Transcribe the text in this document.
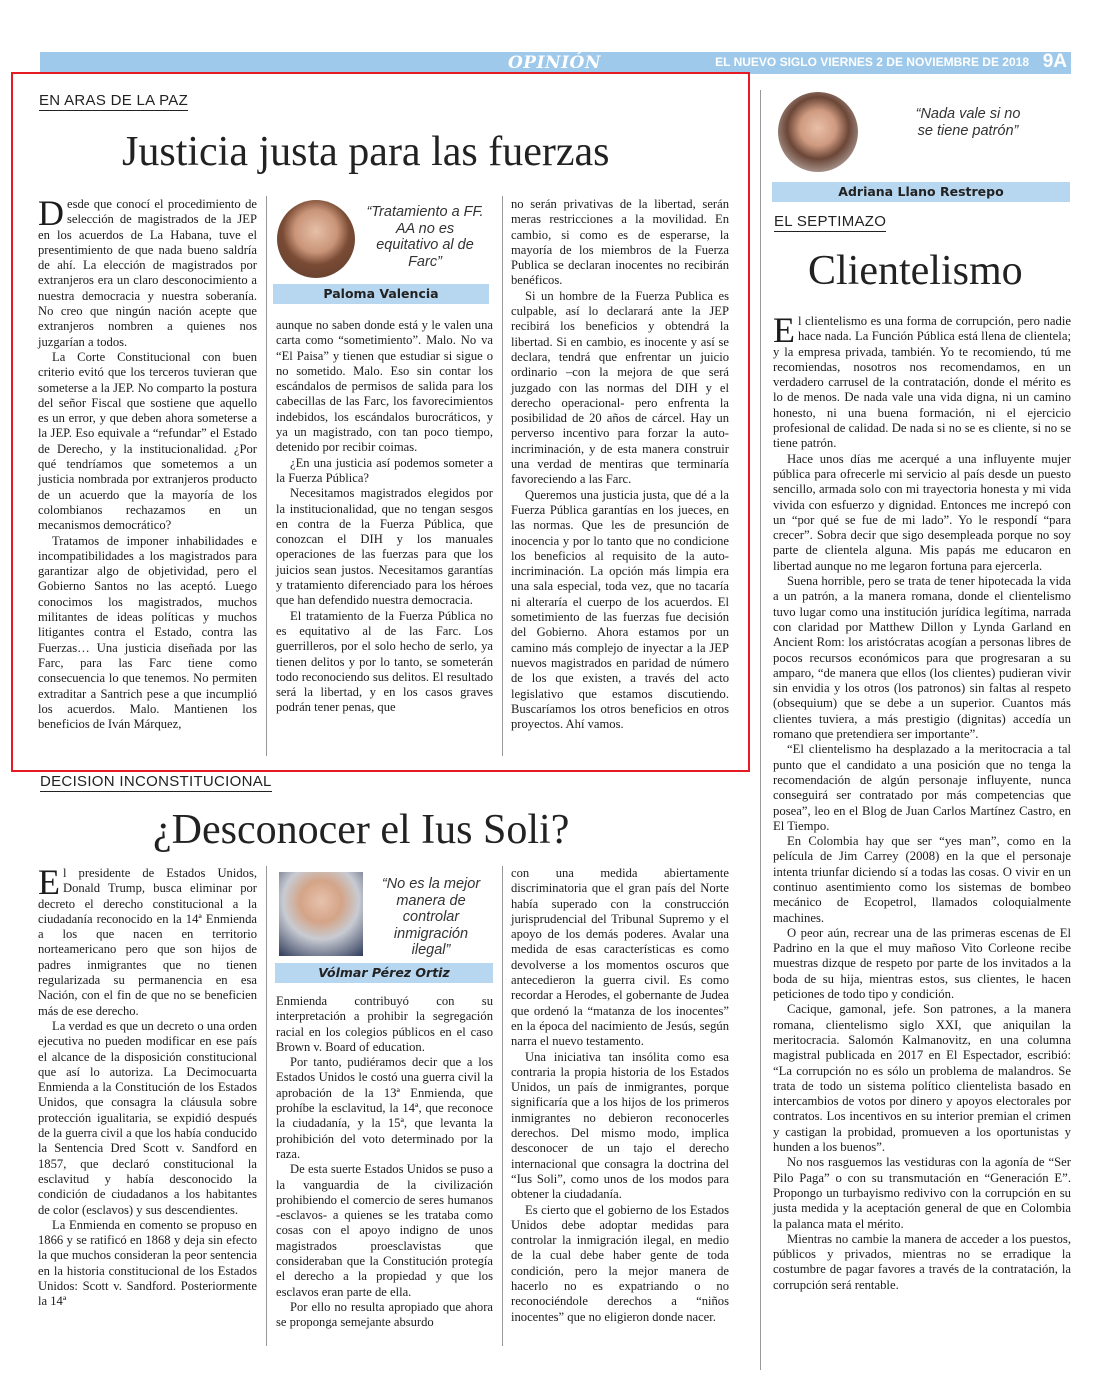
OPINIÓN	EL NUEVO SIGLO VIERNES 2 DE NOVIEMBRE DE 2018 9A
EN ARAS DE LA PAZ
Justicia justa para las fuerzas

Desde que conocí el procedimiento de selección de magistrados de la JEP en los acuerdos de La Habana, tuve el presentimiento de que nada bueno saldría de ahí. La elección de magistrados por extranjeros era un claro desconocimiento a nuestra democracia y nuestra soberanía. No creo que ningún nación acepte que extranjeros nombren a quienes nos juzgarían a todos.

La Corte Constitucional con buen criterio evitó que los terceros tuvieran que someterse a la JEP. No comparto la postura del señor Fiscal que sostiene que aquello es un error, y que deben ahora someterse a la JEP. Eso equivale a “refundar” el Estado de Derecho, y la institucionalidad. ¿Por qué tendríamos que sometemos a un justicia nombrada por extranjeros producto de un acuerdo que la mayoría de los colombianos rechazamos en un mecanismos democrático?

Tratamos de imponer inhabilidades e incompatibilidades a los magistrados para garantizar algo de objetividad, pero el Gobierno Santos no las aceptó. Luego conocimos los magistrados, muchos militantes de ideas políticas y muchos litigantes contra el Estado, contra las Fuerzas… Una justicia diseñada por las Farc, para las Farc tiene como consecuencia lo que tenemos. No permiten extraditar a Santrich pese a que incumplió los acuerdos. Malo. Mantienen los beneficios de Iván Márquez,

“Tratamiento a FF. AA no es equitativo al de Farc”
Paloma Valencia

aunque no saben donde está y le valen una carta como “sometimiento”. Malo. No va “El Paisa” y tienen que estudiar si sigue o no sometido. Malo. Eso sin contar los escándalos de permisos de salida para los cabecillas de las Farc, los favorecimientos indebidos, los escándalos burocráticos, y ya un magistrado, con tan poco tiempo, detenido por recibir coimas.

¿En una justicia así podemos someter a la Fuerza Pública?

Necesitamos magistrados elegidos por la institucionalidad, que no tengan sesgos en contra de la Fuerza Pública, que conozcan el DIH y los manuales operaciones de las fuerzas para que los juicios sean justos. Necesitamos garantías y tratamiento diferenciado para los héroes que han defendido nuestra democracia.

El tratamiento de la Fuerza Pública no es equitativo al de las Farc. Los guerrilleros, por el solo hecho de serlo, ya tienen delitos y por lo tanto, se someterán todo reconociendo sus delitos. El resultado será la libertad, y en los casos graves podrán tener penas, que

no serán privativas de la libertad, serán meras restricciones a la movilidad. En cambio, si como es de esperarse, la mayoría de los miembros de la Fuerza Publica se declaran inocentes no recibirán benéficos.

Si un hombre de la Fuerza Publica es culpable, así lo declarará ante la JEP recibirá los beneficios y obtendrá la libertad. Si en cambio, es inocente y así se declara, tendrá que enfrentar un juicio ordinario –con la mejora de que será juzgado con las normas del DIH y el derecho operacional- pero enfrenta la posibilidad de 20 años de cárcel. Hay un perverso incentivo para forzar la auto-incriminación, y de esta manera construir una verdad de mentiras que terminaría favoreciendo a las Farc.

Queremos una justicia justa, que dé a la Fuerza Pública garantías en los jueces, en las normas. Que les de presunción de inocencia y por lo tanto que no condicione los beneficios al requisito de la auto-incriminación. La opción más limpia era una sala especial, toda vez, que no tacaría ni alteraría el cuerpo de los acuerdos. El sometimiento de las fuerzas fue decisión del Gobierno. Ahora estamos por un camino más complejo de inyectar a la JEP nuevos magistrados en paridad de número de los que existen, a través del acto legislativo que estamos discutiendo. Buscaríamos los otros beneficios en otros proyectos. Ahí vamos.

DECISION INCONSTITUCIONAL
¿Desconocer el Ius Soli?

El presidente de Estados Unidos, Donald Trump, busca eliminar por decreto el derecho constitucional a la ciudadanía reconocido en la 14ª Enmienda a los que nacen en territorio norteamericano pero que son hijos de padres inmigrantes que no tienen regularizada su permanencia en esa Nación, con el fin de que no se beneficien más de ese derecho.

La verdad es que un decreto o una orden ejecutiva no pueden modificar en ese país el alcance de la disposición constitucional que así lo autoriza. La Decimocuarta Enmienda a la Constitución de los Estados Unidos, que consagra la cláusula sobre protección igualitaria, se expidió después de la guerra civil a que los había conducido la Sentencia Dred Scott v. Sandford en 1857, que declaró constitucional la esclavitud y había desconocido la condición de ciudadanos a los habitantes de color (esclavos) y sus descendientes.

La Enmienda en comento se propuso en 1866 y se ratificó en 1868 y deja sin efecto la que muchos consideran la peor sentencia en la historia constitucional de los Estados Unidos: Scott v. Sandford. Posteriormente la 14ª

“No es la mejor manera de controlar inmigración ilegal”
Vólmar Pérez Ortiz

Enmienda contribuyó con su interpretación a prohibir la segregación racial en los colegios públicos en el caso Brown v. Board of education.

Por tanto, pudiéramos decir que a los Estados Unidos le costó una guerra civil la aprobación de la 13ª Enmienda, que prohíbe la esclavitud, la 14ª, que reconoce la ciudadanía, y la 15ª, que levanta la prohibición del voto determinado por la raza.

De esta suerte Estados Unidos se puso a la vanguardia de la civilización prohibiendo el comercio de seres humanos -esclavos- a quienes se les trataba como cosas con el apoyo indigno de unos magistrados proesclavistas que consideraban que la Constitución protegía el derecho a la propiedad y que los esclavos eran parte de ella.

Por ello no resulta apropiado que ahora se proponga semejante absurdo

con una medida abiertamente discriminatoria que el gran país del Norte había superado con la construcción jurisprudencial del Tribunal Supremo y el apoyo de los demás poderes. Avalar una medida de esas características es como devolverse a los momentos oscuros que antecedieron la guerra civil. Es como recordar a Herodes, el gobernante de Judea que ordenó la “matanza de los inocentes” en la época del nacimiento de Jesús, según narra el nuevo testamento.

Una iniciativa tan insólita como esa contraria la propia historia de los Estados Unidos, un país de inmigrantes, porque significaría que a los hijos de los primeros inmigrantes no debieron reconocerles derechos. Del mismo modo, implica desconocer de un tajo el derecho internacional que consagra la doctrina del “Ius Soli”, como unos de los modos para obtener la ciudadanía.

Es cierto que el gobierno de los Estados Unidos debe adoptar medidas para controlar la inmigración ilegal, en medio de la cual debe haber gente de toda condición, pero la mejor manera de hacerlo no es expatriando o no reconociéndole derechos a “niños inocentes” que no eligieron donde nacer.

“Nada vale si no se tiene patrón”
Adriana Llano Restrepo
EL SEPTIMAZO
Clientelismo

El clientelismo es una forma de corrupción, pero nadie hace nada. La Función Pública está llena de clientela; y la empresa privada, también. Yo te recomiendo, tú me recomiendas, nosotros nos recomendamos, en un verdadero carrusel de la contratación, donde el mérito es lo de menos. De nada vale una vida digna, ni un camino honesto, ni una buena formación, ni el ejercicio profesional de calidad. De nada si no se es cliente, si no se tiene patrón.

Hace unos días me acerqué a una influyente mujer pública para ofrecerle mi servicio al país desde un puesto sencillo, armada solo con mi trayectoria honesta y mi vida vivida con esfuerzo y dignidad. Entonces me increpó con un “por qué se fue de mi lado”. Yo le respondí “para crecer”. Sobra decir que sigo desempleada porque no soy parte de clientela alguna. Mis papás me educaron en libertad aunque no me legaron fortuna para ejercerla.

Suena horrible, pero se trata de tener hipotecada la vida a un patrón, a la manera romana, donde el clientelismo tuvo lugar como una institución jurídica legítima, narrada con claridad por Matthew Dillon y Lynda Garland en Ancient Rom: los aristócratas acogían a personas libres de pocos recursos económicos para que progresaran a su amparo, “de manera que ellos (los clientes) pudieran vivir sin envidia y los otros (los patronos) sin faltas al respeto (obsequium) que se debe a un superior. Cuantos más clientes tuviera, a más prestigio (dignitas) accedía un romano que pretendiera ser importante”.

“El clientelismo ha desplazado a la meritocracia a tal punto que el candidato a una posición que no tenga la recomendación de algún personaje influyente, nunca conseguirá ser contratado por más competencias que posea”, leo en el Blog de Juan Carlos Martínez Castro, en El Tiempo.

En Colombia hay que ser “yes man”, como en la película de Jim Carrey (2008) en la que el personaje intenta triunfar diciendo sí a todas las cosas. O vivir en un continuo asentimiento como los sistemas de bombeo mecánico de Ecopetrol, llamados coloquialmente machines.

O peor aún, recrear una de las primeras escenas de El Padrino en la que el muy mañoso Vito Corleone recibe muestras dizque de respeto por parte de los invitados a la boda de su hija, mientras estos, sus clientes, le hacen peticiones de todo tipo y condición.

Cacique, gamonal, jefe. Son patrones, a la manera romana, clientelismo siglo XXI, que aniquilan la meritocracia. Salomón Kalmanovitz, en una columna magistral publicada en 2017 en El Espectador, escribió: “La corrupción no es sólo un problema de malandros. Se trata de todo un sistema político clientelista basado en intercambios de votos por dinero y apoyos electorales por contratos. Los incentivos en su interior premian el crimen y castigan la probidad, promueven a los oportunistas y hunden a los buenos”.

No nos rasguemos las vestiduras con la agonía de “Ser Pilo Paga” o con su transmutación en “Generación E”. Propongo un turbayismo redivivo con la corrupción en su justa medida y la aceptación general de que en Colombia la palanca mata el mérito.

Mientras no cambie la manera de acceder a los puestos, públicos y privados, mientras no se erradique la costumbre de pagar favores a través de la contratación, la corrupción será rentable.
